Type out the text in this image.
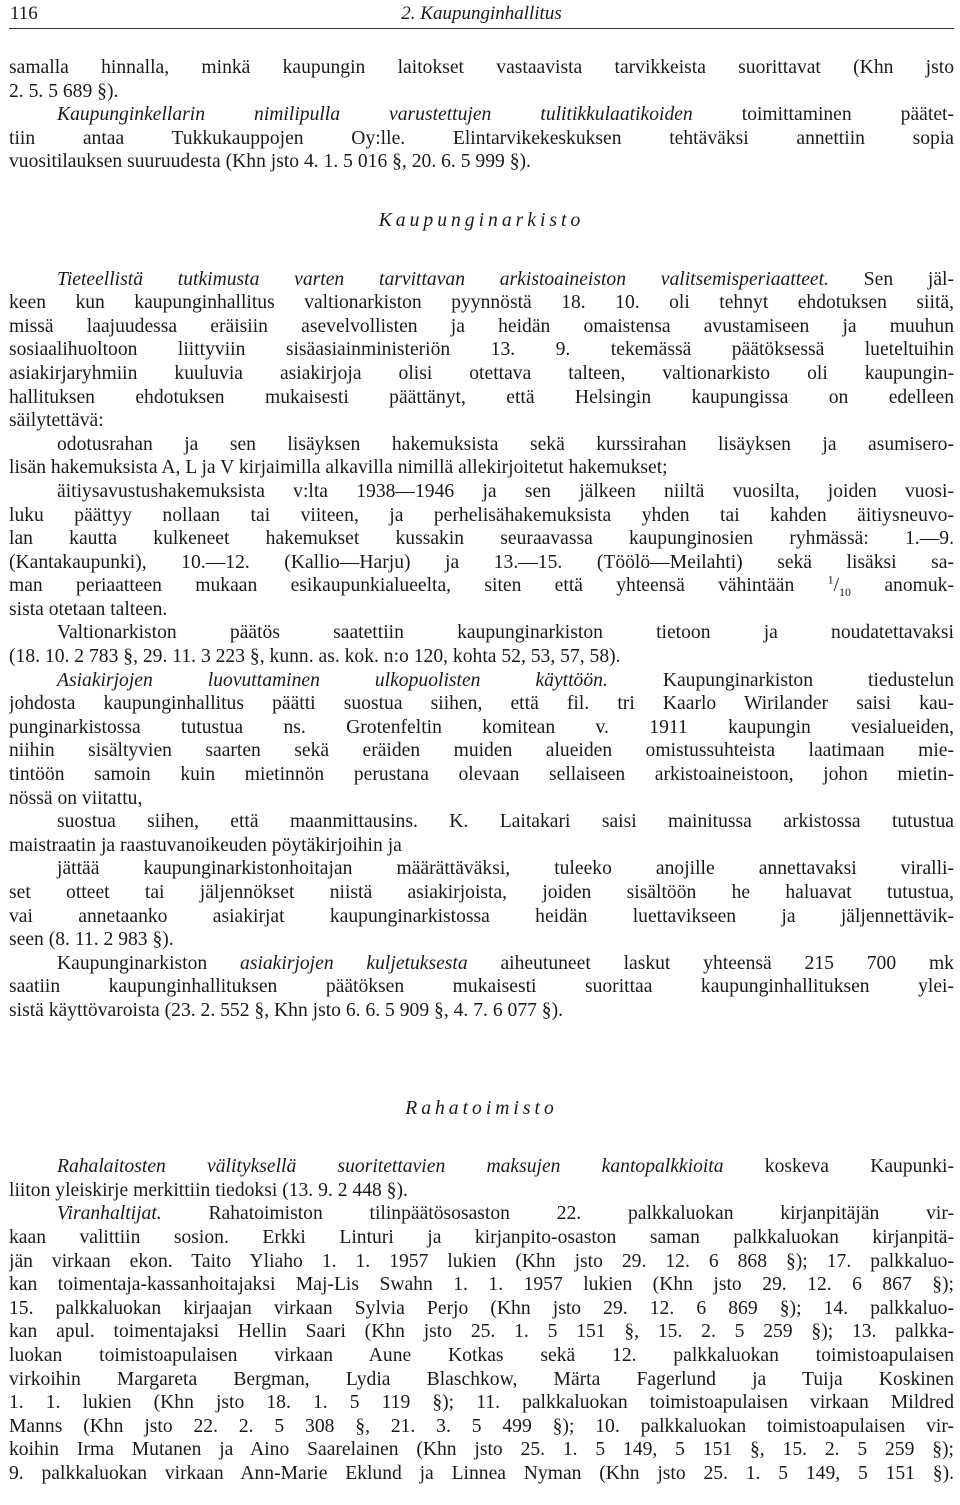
116	2. Kaupunginhallitus
samalla hinnalla, minkä kaupungin laitokset vastaavista tarvikkeista suorittavat (Khn jsto
2. 5. 5 689 §).
Kaupunginkellarin nimilipulla varustettujen tulitikkulaatikoiden toimittaminen päätet-
tiin antaa Tukkukauppojen Oy:lle. Elintarvikekeskuksen tehtäväksi annettiin sopia
vuositilauksen suuruudesta (Khn jsto 4. 1. 5 016 §, 20. 6. 5 999 §).
Kaupunginarkisto
Tieteellistä tutkimusta varten tarvittavan arkistoaineiston valitsemisperiaatteet. Sen jäl-
keen kun kaupunginhallitus valtionarkiston pyynnöstä 18. 10. oli tehnyt ehdotuksen siitä,
missä laajuudessa eräisiin asevelvollisten ja heidän omaistensa avustamiseen ja muuhun
sosiaalihuoltoon liittyviin sisäasiainministeriön 13. 9. tekemässä päätöksessä lueteltuihin
asiakirjaryhmiin kuuluvia asiakirjoja olisi otettava talteen, valtionarkisto oli kaupungin-
hallituksen ehdotuksen mukaisesti päättänyt, että Helsingin kaupungissa on edelleen
säilytettävä:
odotusrahan ja sen lisäyksen hakemuksista sekä kurssirahan lisäyksen ja asumisero-
lisän hakemuksista A, L ja V kirjaimilla alkavilla nimillä allekirjoitetut hakemukset;
äitiysavustushakemuksista v:lta 1938—1946 ja sen jälkeen niiltä vuosilta, joiden vuosi-
luku päättyy nollaan tai viiteen, ja perhelisähakemuksista yhden tai kahden äitiysneuvo-
lan kautta kulkeneet hakemukset kussakin seuraavassa kaupunginosien ryhmässä: 1.—9.
(Kantakaupunki), 10.—12. (Kallio—Harju) ja 13.—15. (Töölö—Meilahti) sekä lisäksi sa-
man periaatteen mukaan esikaupunkialueelta, siten että yhteensä vähintään $^1/_{10}$ anomuk-
sista otetaan talteen.
Valtionarkiston päätös saatettiin kaupunginarkiston tietoon ja noudatettavaksi
(18. 10. 2 783 §, 29. 11. 3 223 §, kunn. as. kok. n:o 120, kohta 52, 53, 57, 58).
Asiakirjojen luovuttaminen ulkopuolisten käyttöön. Kaupunginarkiston tiedustelun
johdosta kaupunginhallitus päätti suostua siihen, että fil. tri Kaarlo Wirilander saisi kau-
punginarkistossa tutustua ns. Grotenfeltin komitean v. 1911 kaupungin vesialueiden,
niihin sisältyvien saarten sekä eräiden muiden alueiden omistussuhteista laatimaan mie-
tintöön samoin kuin mietinnön perustana olevaan sellaiseen arkistoaineistoon, johon mietin-
nössä on viitattu,
suostua siihen, että maanmittausins. K. Laitakari saisi mainitussa arkistossa tutustua
maistraatin ja raastuvanoikeuden pöytäkirjoihin ja
jättää kaupunginarkistonhoitajan määrättäväksi, tuleeko anojille annettavaksi viralli-
set otteet tai jäljennökset niistä asiakirjoista, joiden sisältöön he haluavat tutustua,
vai annetaanko asiakirjat kaupunginarkistossa heidän luettavikseen ja jäljennettävik-
seen (8. 11. 2 983 §).
Kaupunginarkiston asiakirjojen kuljetuksesta aiheutuneet laskut yhteensä 215 700 mk
saatiin kaupunginhallituksen päätöksen mukaisesti suorittaa kaupunginhallituksen ylei-
sistä käyttövaroista (23. 2. 552 §, Khn jsto 6. 6. 5 909 §, 4. 7. 6 077 §).
Rahatoimisto
Rahalaitosten välityksellä suoritettavien maksujen kantopalkkioita koskeva Kaupunki-
liiton yleiskirje merkittiin tiedoksi (13. 9. 2 448 §).
Viranhaltijat. Rahatoimiston tilinpäätösosaston 22. palkkaluokan kirjanpitäjän vir-
kaan valittiin sosion. Erkki Linturi ja kirjanpito-osaston saman palkkaluokan kirjanpitä-
jän virkaan ekon. Taito Yliaho 1. 1. 1957 lukien (Khn jsto 29. 12. 6 868 §); 17. palkkaluo-
kan toimentaja-kassanhoitajaksi Maj-Lis Swahn 1. 1. 1957 lukien (Khn jsto 29. 12. 6 867 §);
15. palkkaluokan kirjaajan virkaan Sylvia Perjo (Khn jsto 29. 12. 6 869 §); 14. palkkaluo-
kan apul. toimentajaksi Hellin Saari (Khn jsto 25. 1. 5 151 §, 15. 2. 5 259 §); 13. palkka-
luokan toimistoapulaisen virkaan Aune Kotkas sekä 12. palkkaluokan toimistoapulaisen
virkoihin Margareta Bergman, Lydia Blaschkow, Märta Fagerlund ja Tuija Koskinen
1. 1. lukien (Khn jsto 18. 1. 5 119 §); 11. palkkaluokan toimistoapulaisen virkaan Mildred
Manns (Khn jsto 22. 2. 5 308 §, 21. 3. 5 499 §); 10. palkkaluokan toimistoapulaisen vir-
koihin Irma Mutanen ja Aino Saarelainen (Khn jsto 25. 1. 5 149, 5 151 §, 15. 2. 5 259 §);
9. palkkaluokan virkaan Ann-Marie Eklund ja Linnea Nyman (Khn jsto 25. 1. 5 149, 5 151 §).
